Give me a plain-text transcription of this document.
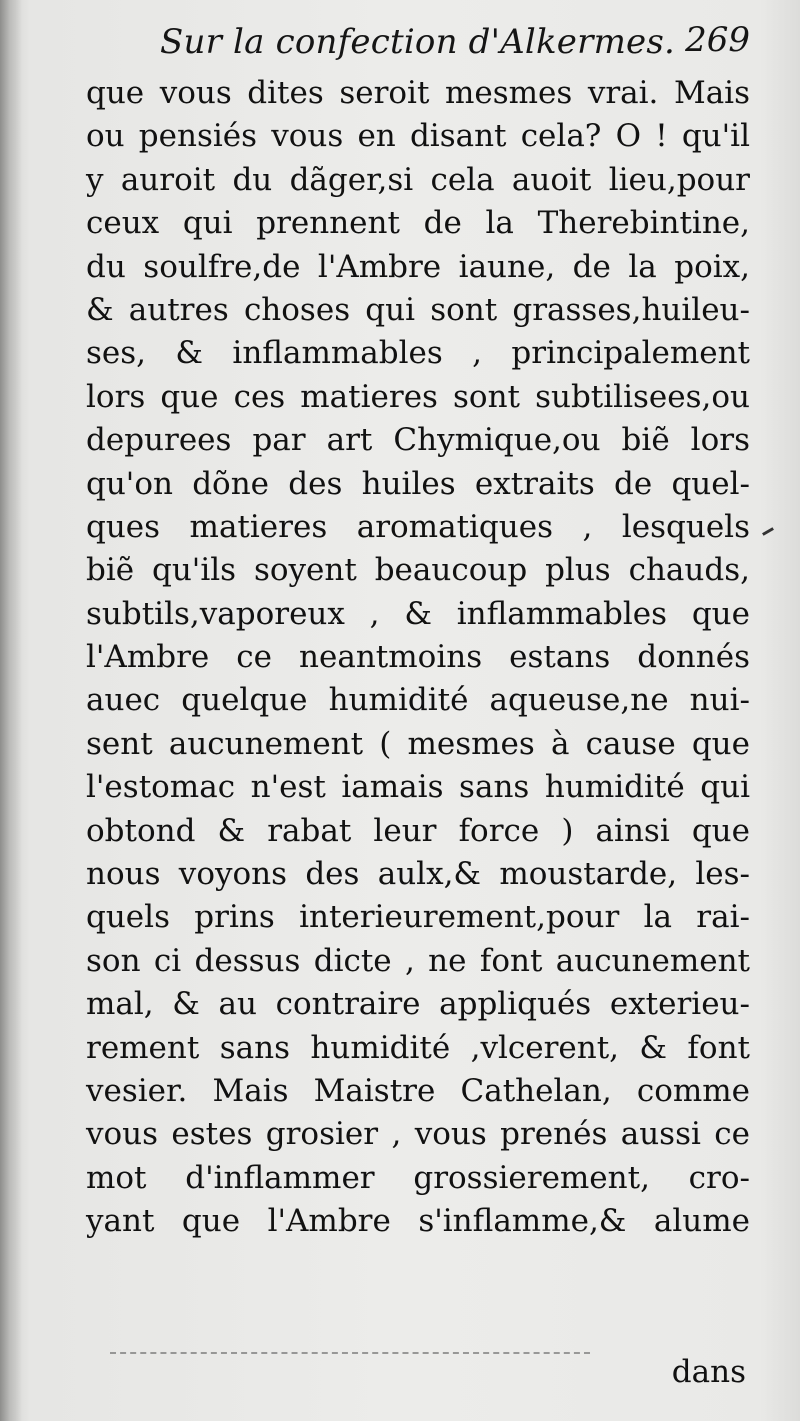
Sur la confection d'Alkermes. 269
que vous dites seroit mesmes vrai. Mais
ou pensiés vous en disant cela? O ! qu'il
y auroit du dãger,si cela auoit lieu,pour
ceux qui prennent de la Therebintine,
du soulfre,de l'Ambre iaune, de la poix,
& autres choses qui sont grasses,huileu-
ses, & inflammables , principalement
lors que ces matieres sont subtilisees,ou
depurees par art Chymique,ou biẽ lors
qu'on dõne des huiles extraits de quel-
ques matieres aromatiques , lesquels
biẽ qu'ils soyent beaucoup plus chauds,
subtils,vaporeux , & inflammables que
l'Ambre ce neantmoins estans donnés
auec quelque humidité aqueuse,ne nui-
sent aucunement ( mesmes à cause que
l'estomac n'est iamais sans humidité qui
obtond & rabat leur force ) ainsi que
nous voyons des aulx,& moustarde, les-
quels prins interieurement,pour la rai-
son ci dessus dicte , ne font aucunement
mal, & au contraire appliqués exterieu-
rement sans humidité ,vlcerent, & font
vesier. Mais Maistre Cathelan, comme
vous estes grosier , vous prenés aussi ce
mot d'inflammer grossierement, cro-
yant que l'Ambre s'inflamme,& alume
dans
